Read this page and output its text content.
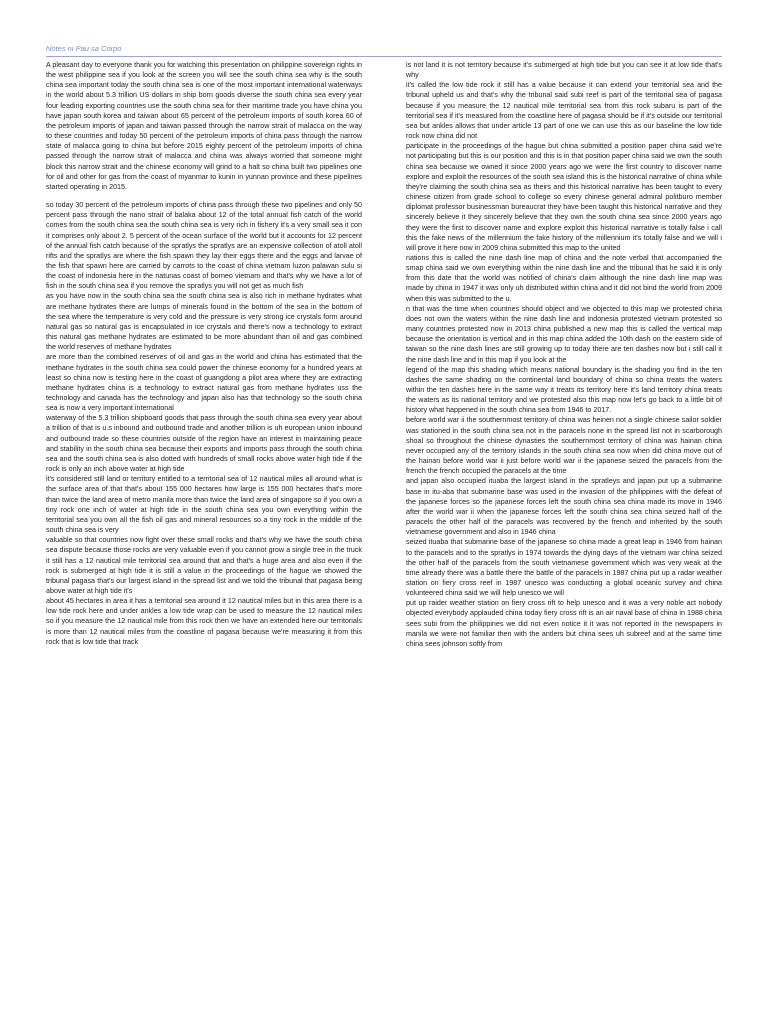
Notes ni Pau sa Corpo

A pleasant day to everyone thank you for watching this presentation on philippine sovereign rights in the west philippine sea if you look at the screen you will see the south china sea why is the south china sea important today the south china sea is one of the most important international waterways in the world about 5.3 trillion US dollars in ship born goods diverse the south china sea every year four leading exporting countries use the south china sea for their maritime trade you have china you have japan south korea and taiwan about 65 percent of the petroleum imports of south korea 60 of the petroleum imports of japan and taiwan passed through the narrow strait of malacca on the way to these countries and today 50 percent of the petroleum imports of china pass through the narrow state of malacca going to china but before 2015 eighty percent of the petroleum imports of china passed through the narrow strait of malacca and china was always worried that someone might block this narrow strait and the chinese economy will grind to a halt so china built two pipelines one for oil and other for gas from the coast of myanmar to kunin in yunnan province and these pipelines started operating in 2015.

so today 30 percent of the petroleum imports of china pass through these two pipelines and only 50 percent pass through the nano strait of balaka about 12 of the total annual fish catch of the world comes from the south china sea the south china sea is very rich in fishery it's a very small sea it con it comprises only about 2. 5 percent of the ocean surface of the world but it accounts for 12 percent of the annual fish catch because of the spratlys the spratlys are an expensive collection of atoll atoll rifts and the spratlys are where the fish spawn they lay their eggs there and the eggs and larvae of the fish that spawn here are carried by carrots to the coast of china vietnam luzon palawan sulu si the coast of indonesia here in the natunas coast of borneo vietnam and that's why we have a lot of fish in the south china sea if you remove the spratlys you will not get as much fish

as you have now in the south china sea the south china sea is also rich in methane hydrates what are methane hydrates there are lumps of minerals found in the bottom of the sea in the bottom of the sea where the temperature is very cold and the pressure is very strong ice crystals form around natural gas so natural gas is encapsulated in ice crystals and there's now a technology to extract this natural gas methane hydrates are estimated to be more abundant than oil and gas combined the world reserves of methane hydrates

are more than the combined reserves of oil and gas in the world and china has estimated that the methane hydrates in the south china sea could power the chinese economy for a hundred years at least so china now is testing here in the coast of guangdong a pilot area where they are extracting methane hydrates china is a technology to extract natural gas from methane hydrates uss the technology and canada has the technology and japan also has that technology so the south china sea is now a very important international

waterway of the 5.3 trillion shipboard goods that pass through the south china sea every year about a trillion of that is u.s inbound and outbound trade and another trillion is uh european union inbound and outbound trade so these countries outside of the region have an interest in maintaining peace and stability in the south china sea because their exports and imports pass through the south china sea and the south china sea is also dotted with hundreds of small rocks above water high tide if the rock is only an inch above water at high tide

it's considered still land or territory entitled to a territorial sea of 12 nautical miles all around what is the surface area of that that's about 155 000 hectares how large is 155 000 hectares that's more than twice the land area of metro manila more than twice the land area of singapore so if you own a tiny rock one inch of water at high tide in the south china sea you own everything within the territorial sea you own all the fish oil gas and mineral resources so a tiny rock in the middle of the south china sea is very

valuable so that countries now fight over these small rocks and that's why we have the south china sea dispute because those rocks are very valuable even if you cannot grow a single tree in the truck it still has a 12 nautical mile territorial sea around that and that's a huge area and also even if the rock is submerged at high tide it is still a value in the proceedings of the hague we showed the tribunal pagasa that's our largest island in the spread list and we told the tribunal that pagasa being above water at high tide it's

about 45 hectares in area it has a territorial sea around it 12 nautical miles but in this area there is a low tide rock here and under ankles a low tide wrap can be used to measure the 12 nautical miles so if you measure the 12 nautical mile from this rock then we have an extended here our territorials is more than 12 nautical miles from the coastline of pagasa because we're measuring it from this rock that is low tide that track

is not land it is not territory because it's submerged at high tide but you can see it at low tide that's why

it's called the low tide rock it still has a value because it can extend your territorial sea and the tribunal upheld us and that's why the tribunal said subi reef is part of the territorial sea of pagasa because if you measure the 12 nautical mile territorial sea from this rock subaru is part of the territorial sea if it's measured from the coastline here of pagasa should be if it's outside our territorial sea but ankles allows that under article 13 part of one we can use this as our baseline the low tide rock now china did not

participate in the proceedings of the hague but china submitted a position paper china said we're not participating but this is our position and this is in that position paper china said we own the south china sea because we owned it since 2000 years ago we were the first country to discover name explore and exploit the resources of the south sea island this is the historical narrative of china while they're claiming the south china sea as theirs and this historical narrative has been taught to every chinese citizen from grade school to college so every chinese general admiral politburo member diplomat professor businessman bureaucrat they have been taught this historical narrative and they sincerely believe it they sincerely believe that they own the south china sea since 2000 years ago they were the first to discover name and explore exploit this historical narrative is totally false i call this the fake news of the millennium the fake history of the millennium it's totally false and we will i will prove it here now in 2009 china submitted this map to the united

nations this is called the nine dash line map of china and the note verbal that accompanied the smap china said we own everything within the nine dash line and the tribunal that he said it is only from this date that the world was notified of china's claim although the nine dash line map was made by china in 1947 it was only uh distributed within china and it did not bind the world from 2009 when this was submitted to the u.

n that was the time when countries should object and we objected to this map we protested china does not own the waters within the nine dash line and indonesia protested vietnam protested so many countries protested now in 2013 china published a new map this is called the vertical map because the orientation is vertical and in this map china added the 10th dash on the eastern side of taiwan so the nine dash lines are still growing up to today there are ten dashes now but i still call it the nine dash line and in this map if you look at the

legend of the map this shading which means national boundary is the shading you find in the ten dashes the same shading on the continental land boundary of china so china treats the waters within the ten dashes here in the same way it treats its territory here it's land territory china treats the waters as its national territory and we protested also this map now let's go back to a little bit of history what happened in the south china sea from 1946 to 2017.

before world war ii the southernmost territory of china was heinen not a single chinese sailor soldier was stationed in the south china sea not in the paracels none in the spread list not in scarborough shoal so throughout the chinese dynasties the southernmost territory of china was hainan china never occupied any of the territory islands in the south china sea now when did china move out of the hainan before world war ii just before world war ii the japanese seized the paracels from the french the french occupied the paracels at the time

and japan also occupied ituaba the largest island in the spratleys and japan put up a submarine base in itu-aba that submarine base was used in the invasion of the philippines with the defeat of the japanese forces so the japanese forces left the south china sea china made its move in 1946 after the world war ii when the japanese forces left the south china sea china seized half of the paracels the other half of the paracels was recovered by the french and inherited by the south vietnamese government and also in 1946 china

seized ituaba that submarine base of the japanese so china made a great leap in 1946 from hainan to the paracels and to the spratlys in 1974 towards the dying days of the vietnam war china seized the other half of the paracels from the south vietnamese government which was very weak at the time already there was a battle there the battle of the paracels in 1987 china put up a radar weather station on fiery cross reef in 1987 unesco was conducting a global oceanic survey and china volunteered china said we will help unesco we will

put up raider weather station on fiery cross rift to help unesco and it was a very noble act nobody objected everybody applauded china today fiery cross rift is an air naval base of china in 1988 china sees subi from the philippines we did not even notice it it was not reported in the newspapers in manila we were not familiar then with the antlers but china sees uh subreef and at the same time china sees johnson softly from
